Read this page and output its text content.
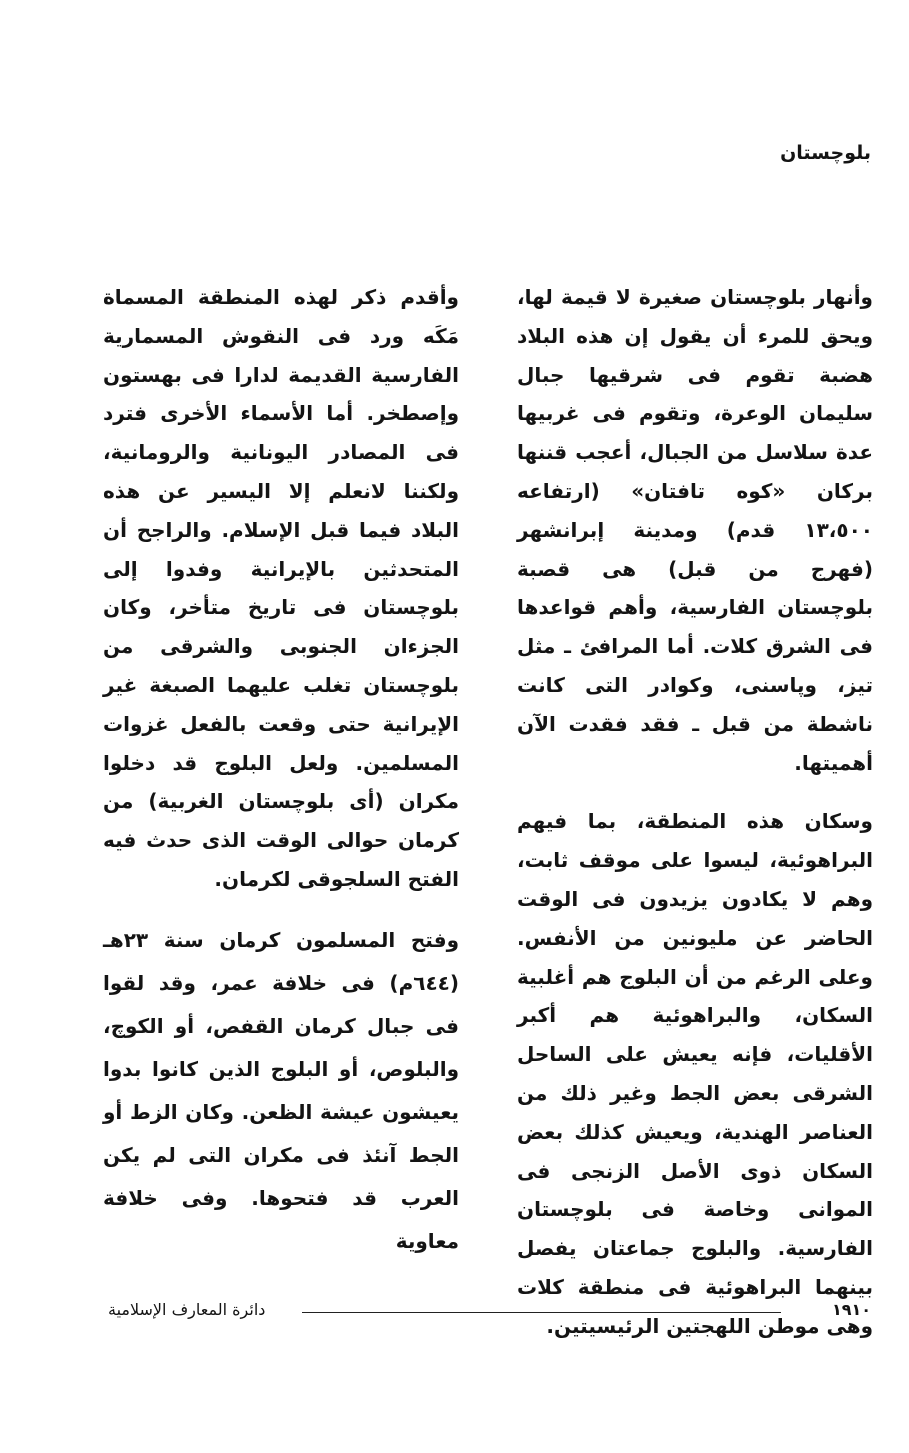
بلوچستان

وأنهار بلوچستان صغيرة لا قيمة لها، ويحق للمرء أن يقول إن هذه البلاد هضبة تقوم فى شرقيها جبال سليمان الوعرة، وتقوم فى غربيها عدة سلاسل من الجبال، أعجب قننها بركان «كوه تافتان» (ارتفاعه ١٣،٥٠٠ قدم) ومدينة إبرانشهر (فهرج من قبل) هى قصبة بلوچستان الفارسية، وأهم قواعدها فى الشرق كلات. أما المرافئ ـ مثل تيز، وپاسنى، وكوادر التى كانت ناشطة من قبل ـ فقد فقدت الآن أهميتها.

وسكان هذه المنطقة، بما فيهم البراهوئية، ليسوا على موقف ثابت، وهم لا يكادون يزيدون فى الوقت الحاضر عن مليونين من الأنفس. وعلى الرغم من أن البلوج هم أغلبية السكان، والبراهوئية هم أكبر الأقليات، فإنه يعيش على الساحل الشرقى بعض الجط وغير ذلك من العناصر الهندية، ويعيش كذلك بعض السكان ذوى الأصل الزنجى فى الموانى وخاصة فى بلوچستان الفارسية. والبلوج جماعتان يفصل بينهما البراهوئية فى منطقة كلات وهى موطن اللهجتين الرئيسيتين.

وأقدم ذكر لهذه المنطقة المسماة مَكَه ورد فى النقوش المسمارية الفارسية القديمة لدارا فى بهستون وإصطخر. أما الأسماء الأخرى فترد فى المصادر اليونانية والرومانية، ولكننا لانعلم إلا اليسير عن هذه البلاد فيما قبل الإسلام. والراجح أن المتحدثين بالإيرانية وفدوا إلى بلوچستان فى تاريخ متأخر، وكان الجزءان الجنوبى والشرقى من بلوچستان تغلب عليهما الصبغة غير الإيرانية حتى وقعت بالفعل غزوات المسلمين. ولعل البلوج قد دخلوا مكران (أى بلوچستان الغربية) من كرمان حوالى الوقت الذى حدث فيه الفتح السلجوقى لكرمان.

وفتح المسلمون كرمان سنة ٢٣هـ (٦٤٤م) فى خلافة عمر، وقد لقوا فى جبال كرمان القفص، أو الكوچ، والبلوص، أو البلوج الذين كانوا بدوا يعيشون عيشة الظعن. وكان الزط أو الجط آنئذ فى مكران التى لم يكن العرب قد فتحوها. وفى خلافة معاوية

١٩١٠
دائرة المعارف الإسلامية
